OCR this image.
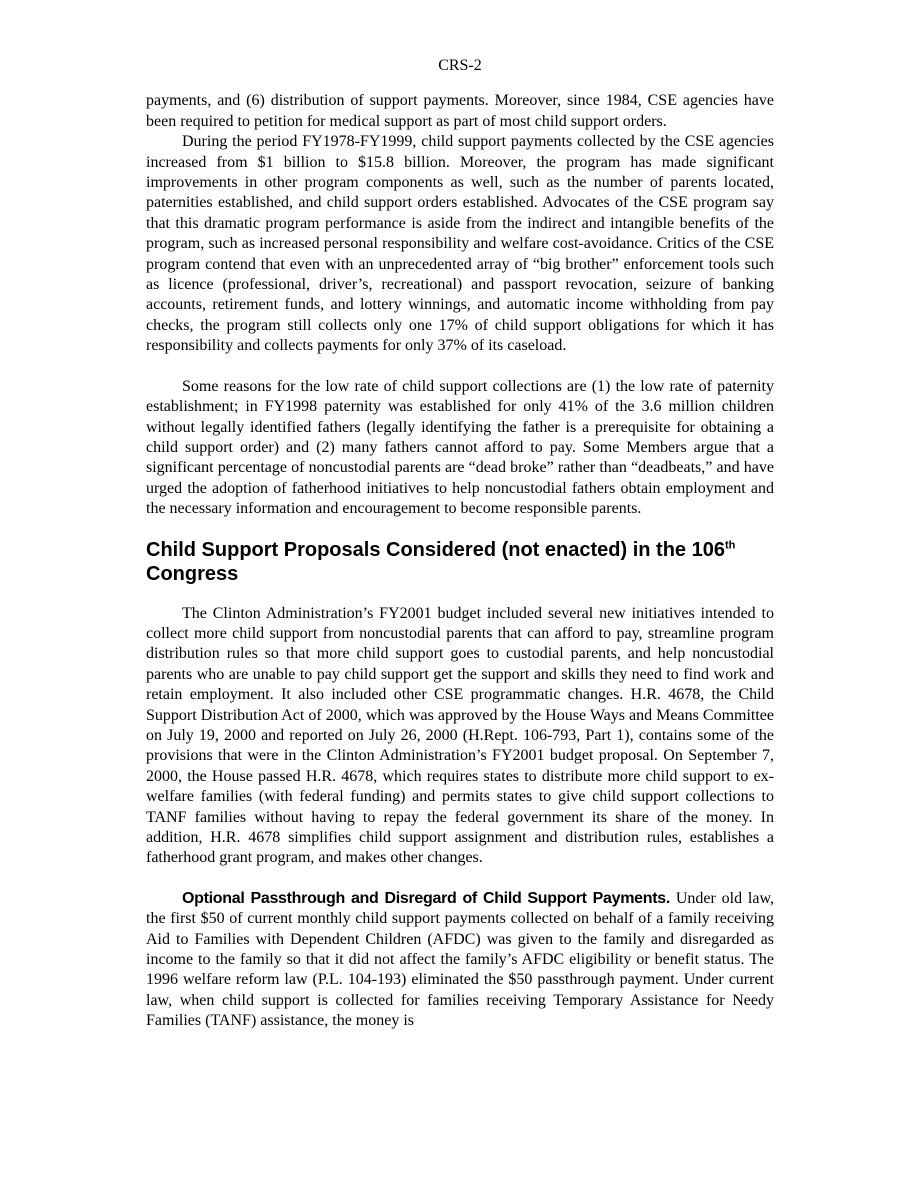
CRS-2

payments, and (6) distribution of support payments. Moreover, since 1984, CSE agencies have been required to petition for medical support as part of most child support orders.

During the period FY1978-FY1999, child support payments collected by the CSE agencies increased from $1 billion to $15.8 billion. Moreover, the program has made significant improvements in other program components as well, such as the number of parents located, paternities established, and child support orders established. Advocates of the CSE program say that this dramatic program performance is aside from the indirect and intangible benefits of the program, such as increased personal responsibility and welfare cost-avoidance. Critics of the CSE program contend that even with an unprecedented array of “big brother” enforcement tools such as licence (professional, driver’s, recreational) and passport revocation, seizure of banking accounts, retirement funds, and lottery winnings, and automatic income withholding from pay checks, the program still collects only one 17% of child support obligations for which it has responsibility and collects payments for only 37% of its caseload.

Some reasons for the low rate of child support collections are (1) the low rate of paternity establishment; in FY1998 paternity was established for only 41% of the 3.6 million children without legally identified fathers (legally identifying the father is a prerequisite for obtaining a child support order) and (2) many fathers cannot afford to pay. Some Members argue that a significant percentage of noncustodial parents are “dead broke” rather than “deadbeats,” and have urged the adoption of fatherhood initiatives to help noncustodial fathers obtain employment and the necessary information and encouragement to become responsible parents.

Child Support Proposals Considered (not enacted) in the 106th Congress

The Clinton Administration’s FY2001 budget included several new initiatives intended to collect more child support from noncustodial parents that can afford to pay, streamline program distribution rules so that more child support goes to custodial parents, and help noncustodial parents who are unable to pay child support get the support and skills they need to find work and retain employment. It also included other CSE programmatic changes. H.R. 4678, the Child Support Distribution Act of 2000, which was approved by the House Ways and Means Committee on July 19, 2000 and reported on July 26, 2000 (H.Rept. 106-793, Part 1), contains some of the provisions that were in the Clinton Administration’s FY2001 budget proposal. On September 7, 2000, the House passed H.R. 4678, which requires states to distribute more child support to ex-welfare families (with federal funding) and permits states to give child support collections to TANF families without having to repay the federal government its share of the money. In addition, H.R. 4678 simplifies child support assignment and distribution rules, establishes a fatherhood grant program, and makes other changes.

Optional Passthrough and Disregard of Child Support Payments. Under old law, the first $50 of current monthly child support payments collected on behalf of a family receiving Aid to Families with Dependent Children (AFDC) was given to the family and disregarded as income to the family so that it did not affect the family’s AFDC eligibility or benefit status. The 1996 welfare reform law (P.L. 104-193) eliminated the $50 passthrough payment. Under current law, when child support is collected for families receiving Temporary Assistance for Needy Families (TANF) assistance, the money is
